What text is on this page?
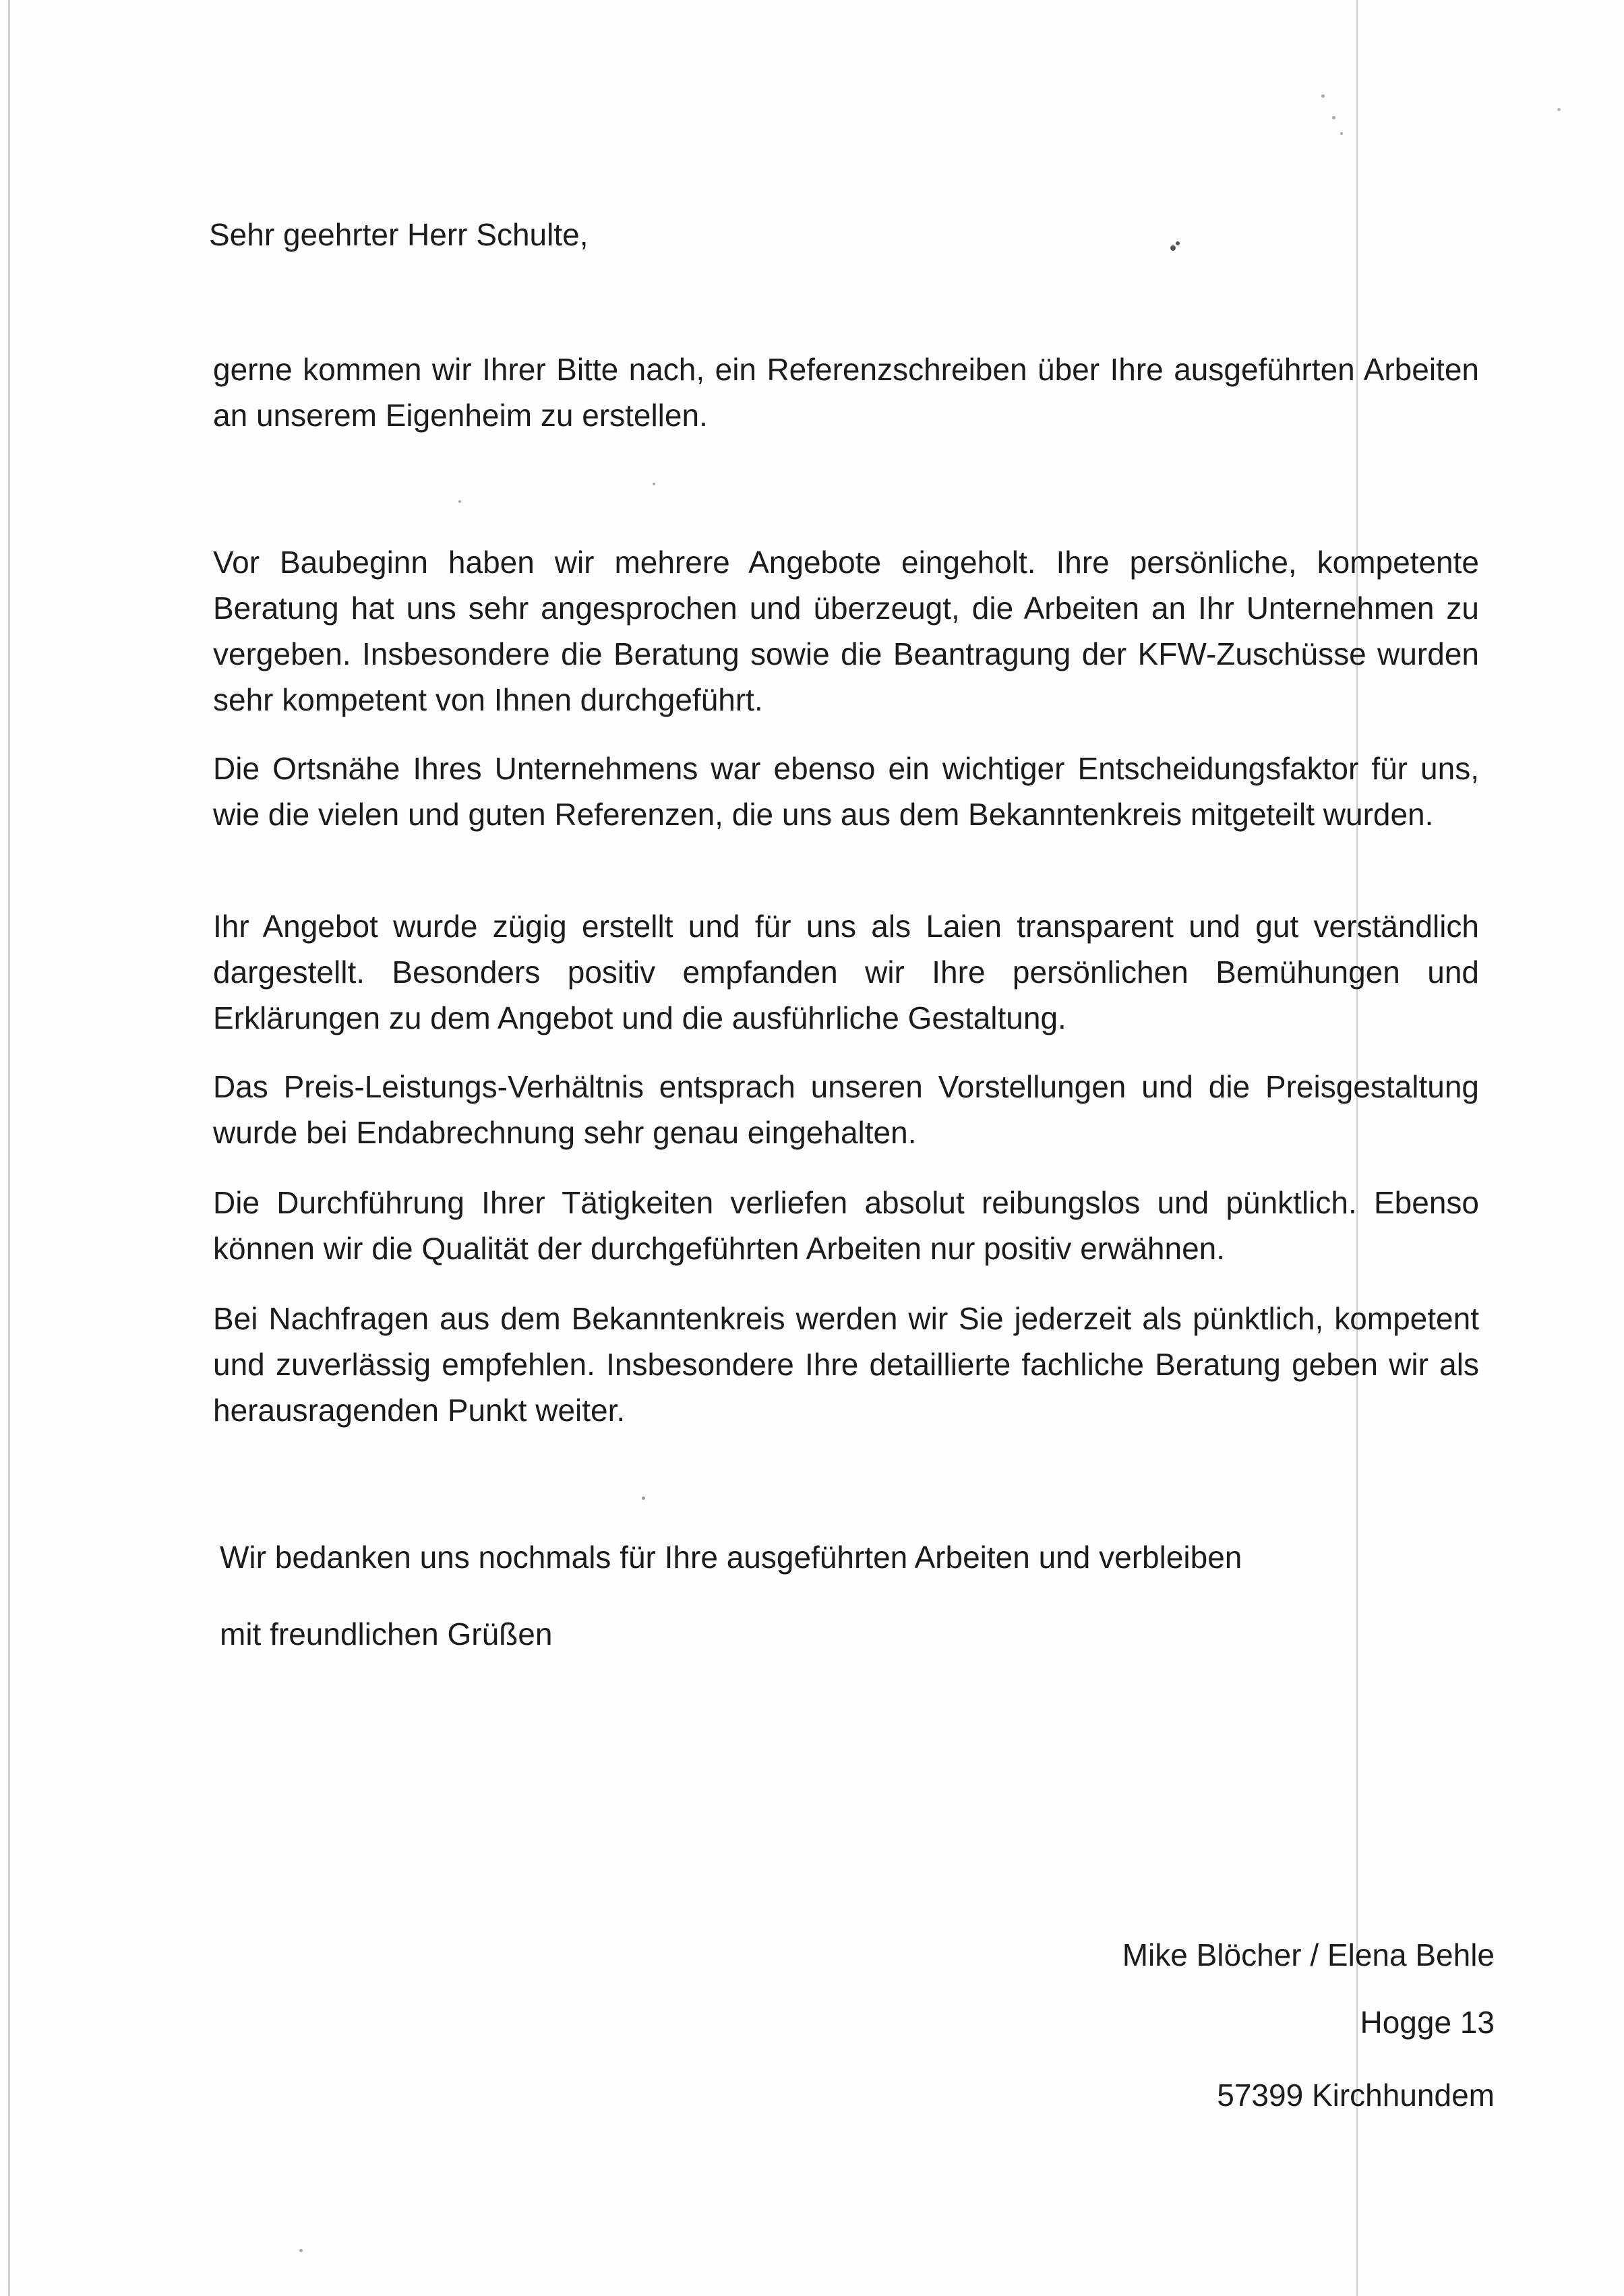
Sehr geehrter Herr Schulte,

gerne kommen wir Ihrer Bitte nach, ein Referenzschreiben über Ihre ausgeführten Arbeiten an unserem Eigenheim zu erstellen.

Vor Baubeginn haben wir mehrere Angebote eingeholt. Ihre persönliche, kompetente Beratung hat uns sehr angesprochen und überzeugt, die Arbeiten an Ihr Unternehmen zu vergeben. Insbesondere die Beratung sowie die Beantragung der KFW-Zuschüsse wurden sehr kompetent von Ihnen durchgeführt.

Die Ortsnähe Ihres Unternehmens war ebenso ein wichtiger Entscheidungsfaktor für uns, wie die vielen und guten Referenzen, die uns aus dem Bekanntenkreis mitgeteilt wurden.

Ihr Angebot wurde zügig erstellt und für uns als Laien transparent und gut verständlich dargestellt. Besonders positiv empfanden wir Ihre persönlichen Bemühungen und Erklärungen zu dem Angebot und die ausführliche Gestaltung.

Das Preis-Leistungs-Verhältnis entsprach unseren Vorstellungen und die Preisgestaltung wurde bei Endabrechnung sehr genau eingehalten.

Die Durchführung Ihrer Tätigkeiten verliefen absolut reibungslos und pünktlich. Ebenso können wir die Qualität der durchgeführten Arbeiten nur positiv erwähnen.

Bei Nachfragen aus dem Bekanntenkreis werden wir Sie jederzeit als pünktlich, kompetent und zuverlässig empfehlen. Insbesondere Ihre detaillierte fachliche Beratung geben wir als herausragenden Punkt weiter.

Wir bedanken uns nochmals für Ihre ausgeführten Arbeiten und verbleiben

mit freundlichen Grüßen

Mike Blöcher / Elena Behle
Hogge 13
57399 Kirchhundem
